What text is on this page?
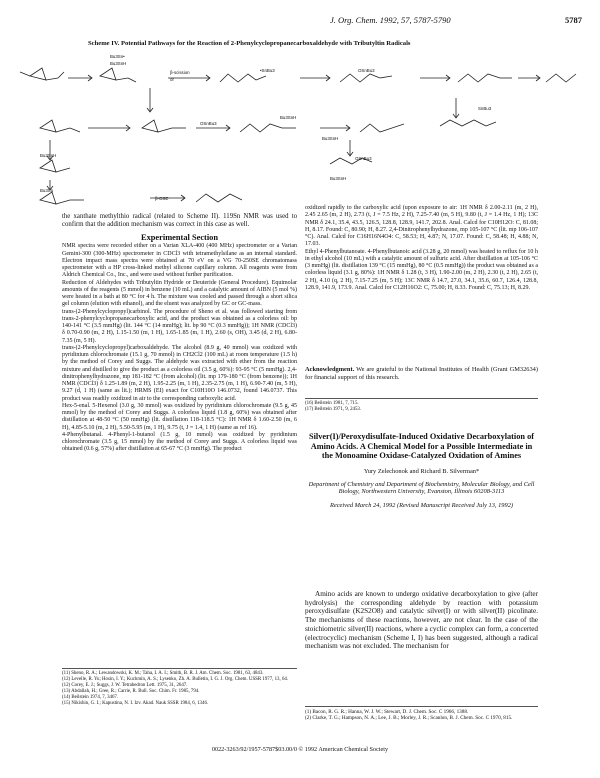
J. Org. Chem. 1992, 57, 5787-5790	5787
Scheme IV. Potential Pathways for the Reaction of 2-Phenylcyclopropanecarboxaldehyde with Tributyltin Radicals
Bu3Sn•
Bu3SnH
β-scission
or
•SnBu3	OSnBu3
OSnBu3
Bu3SnH
Bu3SnH
SnBu3
Bu3SnH
OSnBu3
Bu3SnH
β-OSE
Bu3Sn

the xanthate methylthio radical (related to Scheme II). 119Sn NMR was used to confirm that the addition mechanism was correct in this case as well.

Experimental Section

NMR spectra were recorded either on a Varian XLA-400 (400 MHz) spectrometer or a Varian Gemini-300 (300-MHz) spectrometer in CDCl3 with tetramethylsilane as an internal standard. Electron impact mass spectra were obtained at 70 eV on a VG 70-250SE chromatomass spectrometer with a HP cross-linked methyl silicone capillary column. All reagents were from Aldrich Chemical Co., Inc., and were used without further purification.

Reduction of Aldehydes with Tributyltin Hydride or Deuteride (General Procedure). Equimolar amounts of the reagents (5 mmol) in benzene (10 mL) and a catalytic amount of AIBN (5 mol %) were heated in a bath at 80 °C for 4 h. The mixture was cooled and passed through a short silica gel column (elution with ethanol), and the eluent was analyzed by GC or GC-mass.

trans-(2-Phenylcyclopropyl)carbinol. The procedure of Sheno et al. was followed starting from trans-2-phenylcyclopropanecarboxylic acid, and the product was obtained as a colorless oil: bp 140-141 °C (3.5 mmHg) (lit. 144 °C (14 mmHg); lit. bp 90 °C (0.3 mmHg)); 1H NMR (CDCl3) δ 0.70-0.90 (m, 2 H), 1.15-1.50 (m, 1 H), 1.65-1.85 (m, 1 H), 2.60 (s, OH), 3.45 (d, 2 H), 6.80-7.35 (m, 5 H).

trans-(2-Phenylcyclopropyl)carboxaldehyde. The alcohol (8.9 g, 40 mmol) was oxidized with pyridinium chlorochromate (15.1 g, 70 mmol) in CH2Cl2 (100 mL) at room temperature (1.5 h) by the method of Corey and Suggs. The aldehyde was extracted with ether from the reaction mixture and distilled to give the product as a colorless oil (3.5 g, 60%): 93-95 °C (5 mmHg). 2,4-dinitrophenylhydrazone, mp 181-182 °C (from alcohol) (lit. mp 179-180 °C (from benzene)); 1H NMR (CDCl3) δ 1.25-1.89 (m, 2 H), 1.95-2.25 (m, 1 H), 2.35-2.75 (m, 1 H), 6.90-7.40 (m, 5 H), 9.27 (d, 1 H) (same as lit.); HRMS (EI) exact for C10H10O 146.0732, found 146.0737. This product was readily oxidized in air to the corresponding carboxylic acid.

Hex-5-enal. 5-Hexenol (3.0 g, 30 mmol) was oxidized by pyridinium chlorochromate (9.5 g, 45 mmol) by the method of Corey and Suggs. A colorless liquid (1.8 g, 60%) was obtained after distillation at 48-50 °C (50 mmHg) (lit. distillation 118-118.5 °C): 1H NMR δ 1.60-2.50 (m, 6 H), 4.85-5.10 (m, 2 H), 5.50-5.95 (m, 1 H), 9.75 (t, J = 1.4, 1 H) (same as ref 16).

4-Phenylbutanal. 4-Phenyl-1-butanol (1.5 g, 10 mmol) was oxidized by pyridinium chlorochromate (3.5 g, 15 mmol) by the method of Corey and Suggs. A colorless liquid was obtained (0.6 g, 57%) after distillation at 65-67 °C (3 mmHg). The product

(11) Sheno, R. A.; Lewandowski, K. M.; Taha, I. A. I.; Smith, B. R. J. Am. Chem. Soc. 1981, 63, 4843.

(12) Levelle, R. Yu; Hosin, I. Y.; Kuchmin, A. S.; Lysenko, Zh. A. Bulletin, I. G. J. Org. Chem. USSR 1977, 13, 64.

(12) Corey, E. J.; Suggs, J. W. Tetrahedron Lett. 1975, 31, 2647.

(13) Abdallah, H.; Gree, R.; Carrie, R. Bull. Soc. Chim. Fr. 1985, 794.

(14) Beilstein 1974, 7, 3467.

(15) Nikishin, G. I.; Kapustina, N. I. Izv. Akad. Nauk SSSR 1984, 6, 1346.

oxidized rapidly to the carboxylic acid (upon exposure to air: 1H NMR δ 2.00-2.11 (m, 2 H), 2.45 2.65 (m, 2 H), 2.73 (t, J = 7.5 Hz, 2 H), 7.25-7.40 (m, 5 H), 9.80 (t, J = 1.4 Hz, 1 H); 13C NMR δ 24.1, 35.4, 43.5, 126.5, 128.8, 128.9, 141.7, 202.8. Anal. Calcd for C10H12O: C, 81.08; H, 8.17. Found: C, 80.90; H, 8.27. 2,4-Dinitrophenylhydrazone, mp 105-107 °C (lit. mp 106-107 °C). Anal. Calcd for C16H16N4O4: C, 58.53; H, 4.87; N, 17.07. Found: C, 58.48; H, 4.88; N, 17.03.

Ethyl 4-Phenylbutanoate. 4-Phenylbutanoic acid (3.28 g, 20 mmol) was heated to reflux for 10 h in ethyl alcohol (10 mL) with a catalytic amount of sulfuric acid. After distillation at 105-106 °C (3 mmHg) (lit. distillation 139 °C (15 mmHg), 80 °C (0.5 mmHg)) the product was obtained as a colorless liquid (3.1 g, 80%): 1H NMR δ 1.28 (t, 3 H), 1.90-2.00 (m, 2 H), 2.30 (t, 2 H), 2.65 (t, 2 H), 4.10 (q, 2 H), 7.15-7.25 (m, 5 H); 13C NMR δ 14.7, 27.0, 34.1, 35.6, 60.7, 126.4, 128.8, 128.9, 141.9, 173.9. Anal. Calcd for C12H16O2: C, 75.00; H, 8.33. Found: C, 75.13; H, 8.29.

Acknowledgment. We are grateful to the National Institutes of Health (Grant GM32634) for financial support of this research.

(16) Beilstein 1981, 7, 715.

(17) Beilstein 1971, 9, 2453.

Silver(I)/Peroxydisulfate-Induced Oxidative Decarboxylation of Amino Acids. A Chemical Model for a Possible Intermediate in the Monoamine Oxidase-Catalyzed Oxidation of Amines
Yury Zelechonok and Richard B. Silverman*
Department of Chemistry and Department of Biochemistry, Molecular Biology, and Cell Biology, Northwestern University, Evanston, Illinois 60208-3113
Received March 24, 1992 (Revised Manuscript Received July 13, 1992)

Amino acids are known to undergo oxidative decarboxylation to give (after hydrolysis) the corresponding aldehyde by reaction with potassium peroxydisulfate (K2S2O8) and catalytic silver(I) or with silver(II) picolinate. The mechanisms of these reactions, however, are not clear. In the case of the stoichiometric silver(II) reactions, where a cyclic complex can form, a concerted (electrocyclic) mechanism (Scheme I, I) has been suggested, although a radical mechanism was not excluded. The mechanism for

(1) Bacon, R. G. R.; Hanna, W. J. W.; Stewart, D. J. Chem. Soc. C 1966, 1388.

(2) Clarke, T. G.; Hampson, N. A.; Lee, J. B.; Morley, J. R.; Scanlon, B. J. Chem. Soc. C 1970, 815.

0022-3263/92/1957-5787$03.00/0 © 1992 American Chemical Society
